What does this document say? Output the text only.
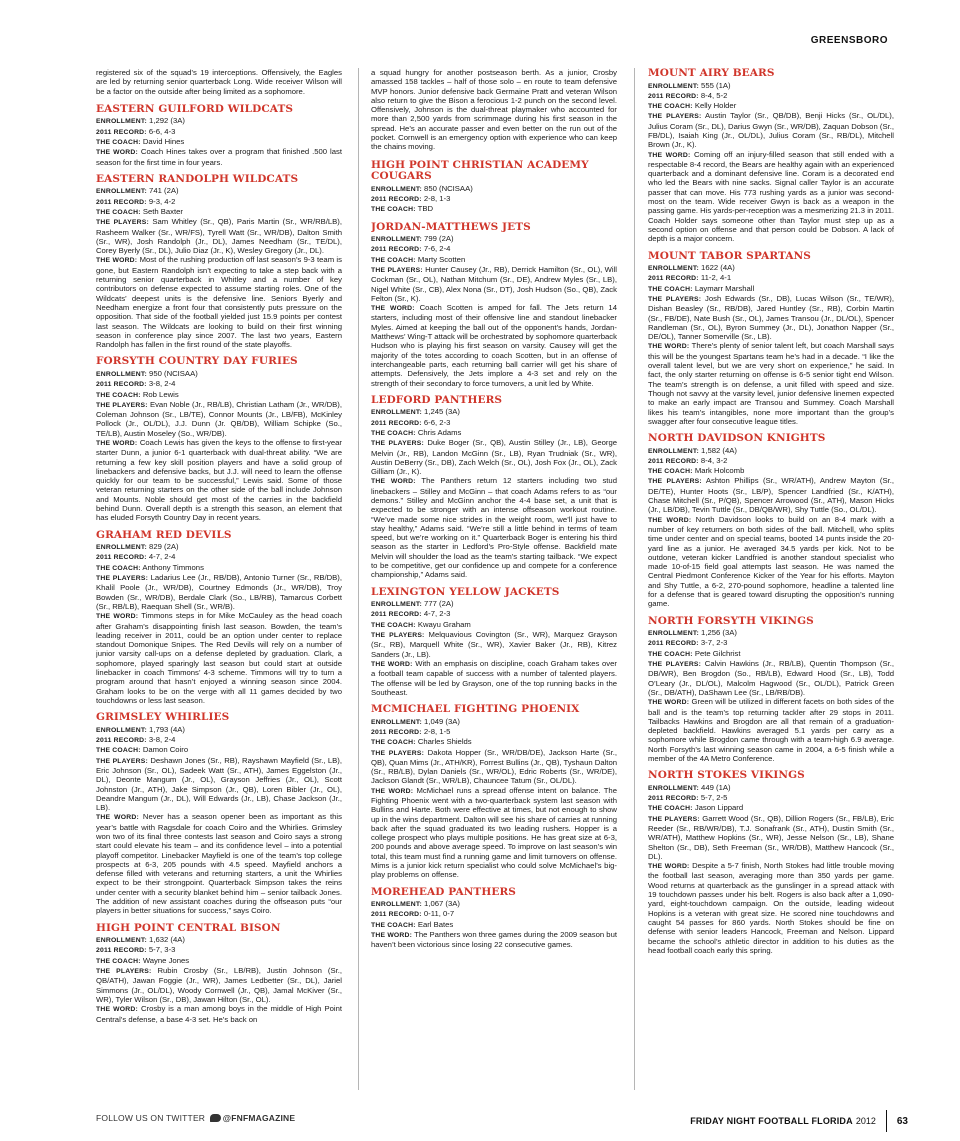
GREENSBORO

registered six of the squad’s 19 interceptions. Offensively, the Eagles are led by returning senior quarterback Long. Wide receiver Wilson will be a factor on the outside after being limited as a sophomore.

EASTERN GUILFORD WILDCATS
ENROLLMENT: 1,292 (3A)
2011 RECORD: 6-6, 4-3
THE COACH: David Hines

THE WORD: Coach Hines takes over a program that finished .500 last season for the first time in four years.

EASTERN RANDOLPH WILDCATS
ENROLLMENT: 741 (2A)
2011 RECORD: 9-3, 4-2
THE COACH: Seth Baxter

THE PLAYERS: Sam Whitley (Sr., QB), Paris Martin (Sr., WR/RB/LB), Rasheem Walker (Sr., WR/FS), Tyrell Watt (Sr., WR/DB), Dalton Smith (Sr., WR), Josh Randolph (Jr., DL), James Needham (Sr., TE/DL), Corey Byerly (Sr., DL), Julio Diaz (Jr., K), Wesley Gregory (Jr., DL).

THE WORD: Most of the rushing production off last season’s 9-3 team is gone, but Eastern Randolph isn’t expecting to take a step back with a returning senior quarterback in Whitley and a number of key contributors on defense expected to assume starting roles. One of the Wildcats’ deepest units is the defensive line. Seniors Byerly and Needham energize a front four that consistently puts pressure on the opposition. That side of the football yielded just 15.9 points per contest last season. The Wildcats are looking to build on their first winning season in conference play since 2007. The last two years, Eastern Randolph has fallen in the first round of the state playoffs.

FORSYTH COUNTRY DAY FURIES
ENROLLMENT: 950 (NCISAA)
2011 RECORD: 3-8, 2-4
THE COACH: Rob Lewis

THE PLAYERS: Evan Noble (Jr., RB/LB), Christian Latham (Jr., WR/DB), Coleman Johnson (Sr., LB/TE), Connor Mounts (Jr., LB/FB), McKinley Pollock (Jr., OL/DL), J.J. Dunn (Jr. QB/DB), William Schipke (So., TE/LB), Austin Moseley (So., WR/DB).

THE WORD: Coach Lewis has given the keys to the offense to first-year starter Dunn, a junior 6-1 quarterback with dual-threat ability. “We are returning a few key skill position players and have a solid group of linebackers and defensive backs, but J.J. will need to learn the offense quickly for our team to be successful,” Lewis said. Some of those veteran returning starters on the other side of the ball include Johnson and Mounts. Noble should get most of the carries in the backfield behind Dunn. Overall depth is a strength this season, an element that has eluded Forsyth Country Day in recent years.

GRAHAM RED DEVILS
ENROLLMENT: 829 (2A)
2011 RECORD: 4-7, 2-4
THE COACH: Anthony Timmons

THE PLAYERS: Ladarius Lee (Jr., RB/DB), Antonio Turner (Sr., RB/DB), Khalil Poole (Jr., WR/DB), Courtney Edmonds (Jr., WR/DB), Troy Bowden (Sr., WR/DB), Berdale Clark (So., LB/RB), Tamarcus Corbett (Sr., RB/LB), Raequan Shell (Sr., WR/B).

THE WORD: Timmons steps in for Mike McCauley as the head coach after Graham’s disappointing finish last season. Bowden, the team’s leading receiver in 2011, could be an option under center to replace standout Domonique Snipes. The Red Devils will rely on a number of junior varsity call-ups on a defense depleted by graduation. Clark, a sophomore, played sparingly last season but could start at outside linebacker in coach Timmons’ 4-3 scheme. Timmons will try to turn a program around that hasn’t enjoyed a winning season since 2004. Graham looks to be on the verge with all 11 games decided by two touchdowns or less last season.

GRIMSLEY WHIRLIES
ENROLLMENT: 1,793 (4A)
2011 RECORD: 3-8, 2-4
THE COACH: Damon Coiro

THE PLAYERS: Deshawn Jones (Sr., RB), Rayshawn Mayfield (Sr., LB), Eric Johnson (Sr., OL), Sadeek Watt (Sr., ATH), James Eggelston (Jr., DL), Deonte Mangum (Jr., OL), Grayson Jeffries (Jr., OL), Scott Johnston (Jr., ATH), Jake Simpson (Jr., QB), Loren Bibler (Jr., OL), Deandre Mangum (Jr., DL), Will Edwards (Jr., LB), Chase Jackson (Jr., LB).

THE WORD: Never has a season opener been as important as this year’s battle with Ragsdale for coach Coiro and the Whirlies. Grimsley won two of its final three contests last season and Coiro says a strong start could elevate his team – and its confidence level – into a potential playoff competitor. Linebacker Mayfield is one of the team’s top college prospects at 6-3, 205 pounds with 4.5 speed. Mayfield anchors a defense filled with veterans and returning starters, a unit the Whirlies expect to be their strongpoint. Quarterback Simpson takes the reins under center with a security blanket behind him – senior tailback Jones. The addition of new assistant coaches during the offseason puts “our players in better situations for success,” says Coiro.

HIGH POINT CENTRAL BISON
ENROLLMENT: 1,632 (4A)
2011 RECORD: 5-7, 3-3
THE COACH: Wayne Jones

THE PLAYERS: Rubin Crosby (Sr., LB/RB), Justin Johnson (Sr., QB/ATH), Jawan Foggie (Jr., WR), James Ledbetter (Sr., DL), Jariel Simmons (Jr., OL/DL), Woody Cornwell (Jr., QB), Jamal McKiver (Sr., WR), Tyler Wilson (Sr., DB), Jawan Hilton (Sr., OL).

THE WORD: Crosby is a man among boys in the middle of High Point Central’s defense, a base 4-3 set. He’s back on

a squad hungry for another postseason berth. As a junior, Crosby amassed 158 tackles – half of those solo – en route to team defensive MVP honors. Junior defensive back Germaine Pratt and veteran Wilson also return to give the Bison a ferocious 1-2 punch on the second level. Offensively, Johnson is the dual-threat playmaker who accounted for more than 2,500 yards from scrimmage during his first season in the spread. He’s an accurate passer and even better on the run out of the pocket. Cornwell is an emergency option with experience who can keep the chains moving.

HIGH POINT CHRISTIAN ACADEMY COUGARS
ENROLLMENT: 850 (NCISAA)
2011 RECORD: 2-8, 1-3
THE COACH: TBD
JORDAN-MATTHEWS JETS
ENROLLMENT: 799 (2A)
2011 RECORD: 7-6, 2-4
THE COACH: Marty Scotten

THE PLAYERS: Hunter Causey (Jr., RB), Derrick Hamilton (Sr., OL), Will Cockman (Sr., OL), Nathan Mitchum (Sr., DE), Andrew Myles (Sr., LB), Nigel White (Sr., CB), Alex Nona (Sr., DT), Josh Hudson (So., QB), Zack Felton (Sr., K).

THE WORD: Coach Scotten is amped for fall. The Jets return 14 starters, including most of their offensive line and standout linebacker Myles. Aimed at keeping the ball out of the opponent’s hands, Jordan-Matthews’ Wing-T attack will be orchestrated by sophomore quarterback Hudson who is playing his first season on varsity. Causey will get the majority of the totes according to coach Scotten, but in an offense of interchangeable parts, each returning ball carrier will get his share of attempts. Defensively, the Jets implore a 4-3 set and rely on the strength of their secondary to force turnovers, a unit led by White.

LEDFORD PANTHERS
ENROLLMENT: 1,245 (3A)
2011 RECORD: 6-6, 2-3
THE COACH: Chris Adams

THE PLAYERS: Duke Boger (Sr., QB), Austin Stilley (Jr., LB), George Melvin (Jr., RB), Landon McGinn (Sr., LB), Ryan Trudniak (Sr., WR), Austin DeBerry (Sr., DB), Zach Welch (Sr., OL), Josh Fox (Jr., OL), Zack Gilliam (Jr., K).

THE WORD: The Panthers return 12 starters including two stud linebackers – Stilley and McGinn – that coach Adams refers to as “our demons.” Stilley and McGinn anchor the 4-4 base set, a unit that is expected to be stronger with an intense offseason workout routine. “We’ve made some nice strides in the weight room, we’ll just have to stay healthy,” Adams said. “We’re still a little behind in terms of team speed, but we’re working on it.” Quarterback Boger is entering his third season as the starter in Ledford’s Pro-Style offense. Backfield mate Melvin will shoulder the load as the team’s starting tailback. “We expect to be competitive, get our confidence up and compete for a conference championship,” Adams said.

LEXINGTON YELLOW JACKETS
ENROLLMENT: 777 (2A)
2011 RECORD: 4-7, 2-3
THE COACH: Kwayu Graham

THE PLAYERS: Melquavious Covington (Sr., WR), Marquez Grayson (Sr., RB), Marquell White (Sr., WR), Xavier Baker (Jr., RB), Kitrez Sanders (Jr., LB).

THE WORD: With an emphasis on discipline, coach Graham takes over a football team capable of success with a number of talented players. The offense will be led by Grayson, one of the top running backs in the Southeast.

MCMICHAEL FIGHTING PHOENIX
ENROLLMENT: 1,049 (3A)
2011 RECORD: 2-8, 1-5
THE COACH: Charles Shields

THE PLAYERS: Dakota Hopper (Sr., WR/DB/DE), Jackson Harte (Sr., QB), Quan Mims (Jr., ATH/KR), Forrest Bullins (Jr., QB), Tyshaun Dalton (Sr., RB/LB), Dylan Daniels (Sr., WR/OL), Edric Roberts (Sr., WR/DE), Jackson Glandt (Sr., WR/LB), Chauncee Tatum (Sr., OL/DL).

THE WORD: McMichael runs a spread offense intent on balance. The Fighting Phoenix went with a two-quarterback system last season with Bullins and Harte. Both were effective at times, but not enough to show up in the wins department. Dalton will see his share of carries at running back after the squad graduated its two leading rushers. Hopper is a college prospect who plays multiple positions. He has great size at 6-3, 200 pounds and above average speed. To improve on last season’s win total, this team must find a running game and limit turnovers on offense. Mims is a junior kick return specialist who could solve McMichael’s big-play problems on offense.

MOREHEAD PANTHERS
ENROLLMENT: 1,067 (3A)
2011 RECORD: 0-11, 0-7
THE COACH: Earl Bates

THE WORD: The Panthers won three games during the 2009 season but haven’t been victorious since losing 22 consecutive games.

MOUNT AIRY BEARS
ENROLLMENT: 555 (1A)
2011 RECORD: 8-4, 5-2
THE COACH: Kelly Holder

THE PLAYERS: Austin Taylor (Sr., QB/DB), Benji Hicks (Sr., OL/DL), Julius Coram (Sr., DL), Darius Gwyn (Sr., WR/DB), Zaquan Dobson (Sr., FB/DL), Isaiah King (Jr., OL/DL), Julius Coram (Sr., RB/DL), Mitchell Brown (Jr., K).

THE WORD: Coming off an injury-filled season that still ended with a respectable 8-4 record, the Bears are healthy again with an experienced quarterback and a dominant defensive line. Coram is a decorated end who led the Bears with nine sacks. Signal caller Taylor is an accurate passer that can move. His 773 rushing yards as a junior was second-most on the team. Wide receiver Gwyn is back as a weapon in the passing game. His yards-per-reception was a mesmerizing 21.3 in 2011. Coach Holder says someone other than Taylor must step up as a second option on offense and that person could be Dobson. A lack of depth is a major concern.

MOUNT TABOR SPARTANS
ENROLLMENT: 1622 (4A)
2011 RECORD: 11-2, 4-1
THE COACH: Laymarr Marshall

THE PLAYERS: Josh Edwards (Sr., DB), Lucas Wilson (Sr., TE/WR), Dishan Beasley (Sr., RB/DB), Jared Huntley (Sr., RB), Corbin Martin (Sr., FB/DE), Nate Bush (Sr., OL), James Transou (Jr., DL/OL), Spencer Randleman (Sr., OL), Byron Summey (Jr., DL), Jonathon Napper (Sr., DE/OL), Tanner Somerville (Sr., LB).

THE WORD: There’s plenty of senior talent left, but coach Marshall says this will be the youngest Spartans team he’s had in a decade. “I like the overall talent level, but we are very short on experience,” he said. In fact, the only starter returning on offense is 6-5 senior tight end Wilson. The team’s strength is on defense, a unit filled with speed and size. Though not savvy at the varsity level, junior defensive linemen expected to make an early impact are Transou and Summey. Coach Marshall likes his team’s intangibles, none more important than the group’s swagger after four consecutive league titles.

NORTH DAVIDSON KNIGHTS
ENROLLMENT: 1,582 (4A)
2011 RECORD: 8-4, 3-2
THE COACH: Mark Holcomb

THE PLAYERS: Ashton Phillips (Sr., WR/ATH), Andrew Mayton (Sr., DE/TE), Hunter Hoots (Sr., LB/P), Spencer Landfried (Sr., K/ATH), Chase Mitchell (Sr., P/QB), Spencer Arrowood (Sr., ATH), Mason Hicks (Jr., LB/DB), Tevin Tuttle (Sr., DB/QB/WR), Shy Tuttle (So., OL/DL).

THE WORD: North Davidson looks to build on an 8-4 mark with a number of key returners on both sides of the ball. Mitchell, who splits time under center and on special teams, booted 14 punts inside the 20-yard line as a junior. He averaged 34.5 yards per kick. Not to be outdone, veteran kicker Landfried is another standout specialist who made 10-of-15 field goal attempts last season. He was named the Central Piedmont Conference Kicker of the Year for his efforts. Mayton and Shy Tuttle, a 6-2, 270-pound sophomore, headline a talented line for a defense that is geared toward disrupting the opposition’s running game.

NORTH FORSYTH VIKINGS
ENROLLMENT: 1,256 (3A)
2011 RECORD: 3-7, 2-3
THE COACH: Pete Gilchrist

THE PLAYERS: Calvin Hawkins (Jr., RB/LB), Quentin Thompson (Sr., DB/WR), Ben Brogdon (So., RB/LB), Edward Hood (Sr., LB), Todd O’Leary (Jr., DL/OL), Malcolm Hagwood (Sr., OL/DL), Patrick Green (Sr., DB/ATH), DaShawn Lee (Sr., LB/RB/DB).

THE WORD: Green will be utilized in different facets on both sides of the ball and is the team’s top returning tackler after 29 stops in 2011. Tailbacks Hawkins and Brogdon are all that remain of a graduation-depleted backfield. Hawkins averaged 5.1 yards per carry as a sophomore while Brogdon came through with a team-high 6.9 average. North Forsyth’s last winning season came in 2004, a 6-5 finish while a member of the 4A Metro Conference.

NORTH STOKES VIKINGS
ENROLLMENT: 449 (1A)
2011 RECORD: 5-7, 2-5
THE COACH: Jason Lippard

THE PLAYERS: Garrett Wood (Sr., QB), Dillion Rogers (Sr., FB/LB), Eric Reeder (Sr., RB/WR/DB), T.J. Sonafrank (Sr., ATH), Dustin Smith (Sr., WR/ATH), Matthew Hopkins (Sr., WR), Jesse Nelson (Sr., LB), Shane Shelton (Sr., DB), Seth Freeman (Sr., WR/DB), Matthew Hancock (Sr., DL).

THE WORD: Despite a 5-7 finish, North Stokes had little trouble moving the football last season, averaging more than 350 yards per game. Wood returns at quarterback as the gunslinger in a spread attack with 19 touchdown passes under his belt. Rogers is also back after a 1,090-yard, eight-touchdown campaign. On the outside, leading wideout Hopkins is a veteran with great size. He scored nine touchdowns and caught 54 passes for 860 yards. North Stokes should be fine on defense with senior leaders Hancock, Freeman and Nelson. Lippard became the school’s athletic director in addition to his duties as the head football coach early this spring.

FOLLOW US ON TWITTER @FNFMAGAZINE	FRIDAY NIGHT FOOTBALL FLORIDA 2012 63
